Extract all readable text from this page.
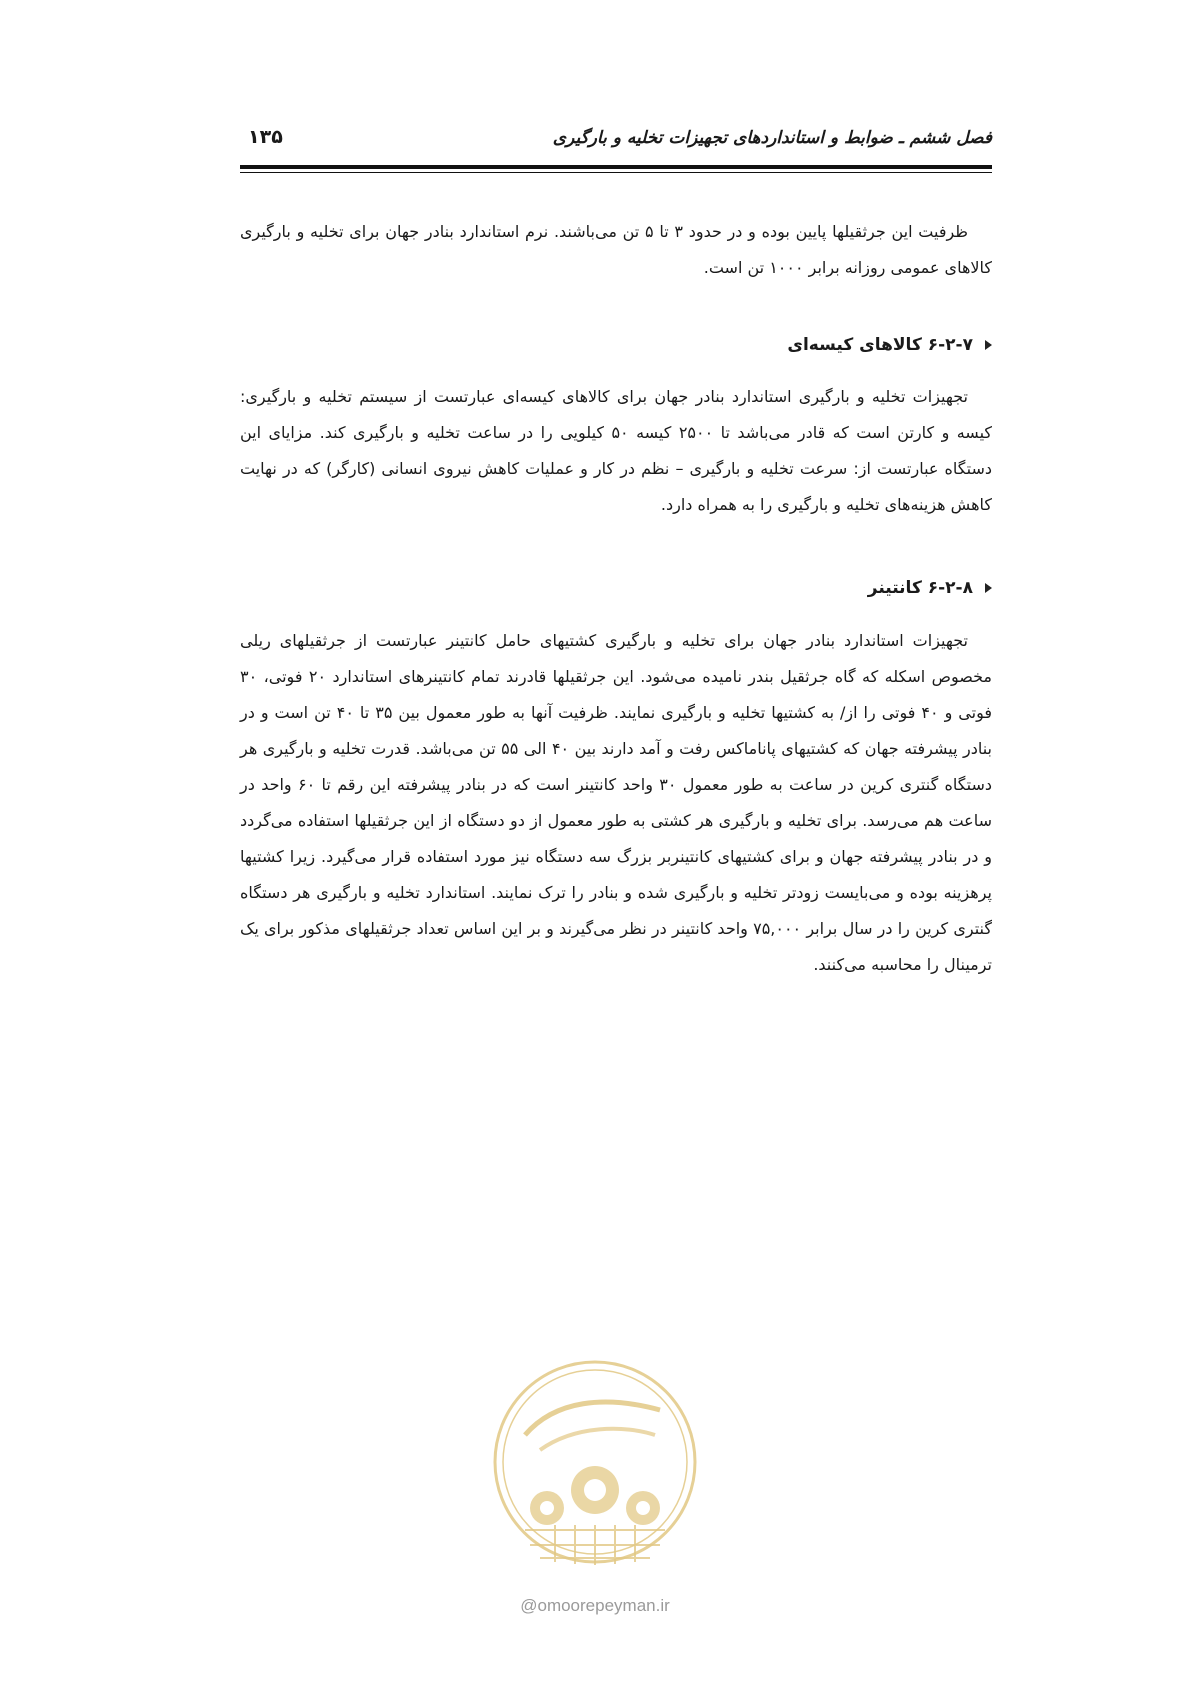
فصل ششم ـ ضوابط و استانداردهای تجهیزات تخلیه و بارگیری
۱۳۵

ظرفیت این جرثقیلها پایین بوده و در حدود ۳ تا ۵ تن می‌باشند. نرم استاندارد بنادر جهان برای تخلیه و بارگیری کالاهای عمومی روزانه برابر ۱۰۰۰ تن است.

۶-۲-۷ کالاهای کیسه‌ای

تجهیزات تخلیه و بارگیری استاندارد بنادر جهان برای کالاهای کیسه‌ای عبارتست از سیستم تخلیه و بارگیری: کیسه و کارتن است که قادر می‌باشد تا ۲۵۰۰ کیسه ۵۰ کیلویی را در ساعت تخلیه و بارگیری کند. مزایای این دستگاه عبارتست از: سرعت تخلیه و بارگیری – نظم در کار و عملیات کاهش نیروی انسانی (کارگر) که در نهایت کاهش هزینه‌های تخلیه و بارگیری را به همراه دارد.

۶-۲-۸ کانتینر

تجهیزات استاندارد بنادر جهان برای تخلیه و بارگیری کشتیهای حامل کانتینر عبارتست از جرثقیلهای ریلی مخصوص اسکله که گاه جرثقیل بندر نامیده می‌شود. این جرثقیلها قادرند تمام کانتینرهای استاندارد ۲۰ فوتی، ۳۰ فوتی و ۴۰ فوتی را از/ به کشتیها تخلیه و بارگیری نمایند. ظرفیت آنها به طور معمول بین ۳۵ تا ۴۰ تن است و در بنادر پیشرفته جهان که کشتیهای پاناماکس رفت و آمد دارند بین ۴۰ الی ۵۵ تن می‌باشد. قدرت تخلیه و بارگیری هر دستگاه گنتری کرین در ساعت به طور معمول ۳۰ واحد کانتینر است که در بنادر پیشرفته این رقم تا ۶۰ واحد در ساعت هم می‌رسد. برای تخلیه و بارگیری هر کشتی به طور معمول از دو دستگاه از این جرثقیلها استفاده می‌گردد و در بنادر پیشرفته جهان و برای کشتیهای کانتینربر بزرگ سه دستگاه نیز مورد استفاده قرار می‌گیرد. زیرا کشتیها پرهزینه بوده و می‌بایست زودتر تخلیه و بارگیری شده و بنادر را ترک نمایند. استاندارد تخلیه و بارگیری هر دستگاه گنتری کرین را در سال برابر ۷۵,۰۰۰ واحد کانتینر در نظر می‌گیرند و بر این اساس تعداد جرثقیلهای مذکور برای یک ترمینال را محاسبه می‌کنند.

@omoorepeyman.ir
